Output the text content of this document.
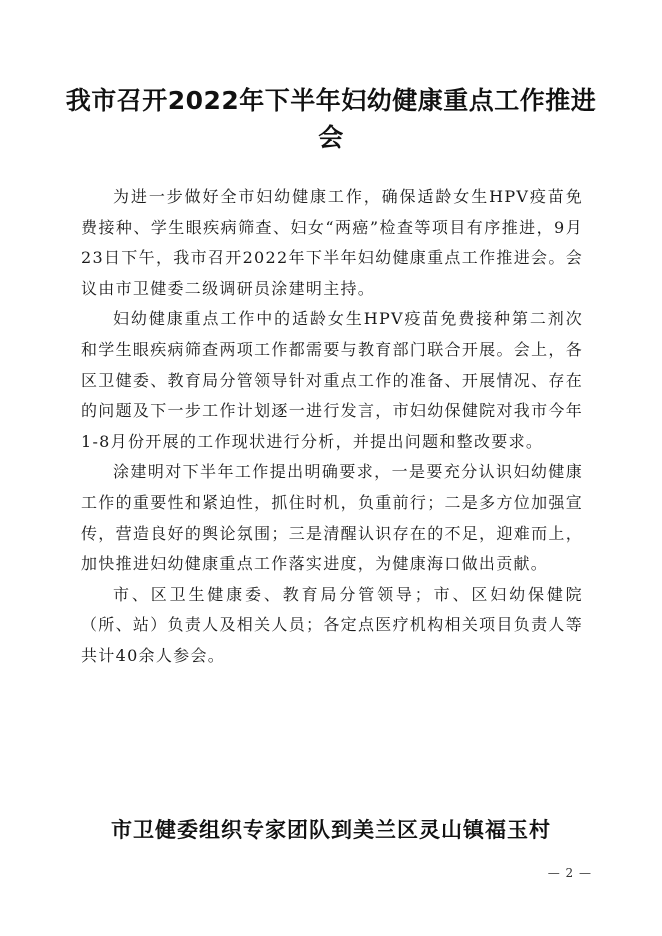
我市召开2022年下半年妇幼健康重点工作推进会

为进一步做好全市妇幼健康工作，确保适龄女生HPV疫苗免费接种、学生眼疾病筛查、妇女“两癌”检查等项目有序推进，9月23日下午，我市召开2022年下半年妇幼健康重点工作推进会。会议由市卫健委二级调研员涂建明主持。

妇幼健康重点工作中的适龄女生HPV疫苗免费接种第二剂次和学生眼疾病筛查两项工作都需要与教育部门联合开展。会上，各区卫健委、教育局分管领导针对重点工作的准备、开展情况、存在的问题及下一步工作计划逐一进行发言，市妇幼保健院对我市今年1-8月份开展的工作现状进行分析，并提出问题和整改要求。

涂建明对下半年工作提出明确要求，一是要充分认识妇幼健康工作的重要性和紧迫性，抓住时机，负重前行；二是多方位加强宣传，营造良好的舆论氛围；三是清醒认识存在的不足，迎难而上，加快推进妇幼健康重点工作落实进度，为健康海口做出贡献。

市、区卫生健康委、教育局分管领导；市、区妇幼保健院（所、站）负责人及相关人员；各定点医疗机构相关项目负责人等共计40余人参会。

市卫健委组织专家团队到美兰区灵山镇福玉村
— 2 —
